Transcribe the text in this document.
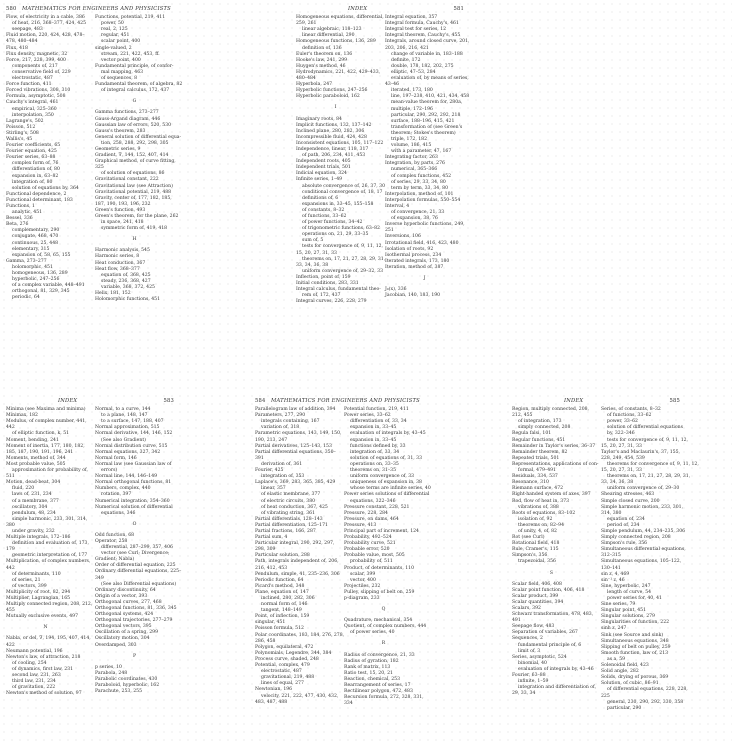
580 MATHEMATICS FOR ENGINEERS AND PHYSICISTS
Flow, of electricity in a cable, 386
of heat, 216, 368–377, 424, 425
seepage, 483
Fluid motion, 220, 424, 428, 478–
478, 480–484
Flux, 418
Flux density, magnetic, 32
Force, 217, 228, 399, 400
components of, 217
conservative field of, 229
electrostatic, 487
Force function, 411
Forced vibrations, 308, 310
Formula, asymptotic, 508
Cauchy's integral, 461
empirical, 325–360
interpolation, 350
Lagrange's, 502
Poisson, 512
Stirling's, 508
Wallis's, 45
Fourier coefficients, 65
Fourier equation, 425
Fourier series, 63–88
complex form of, 76
differentiation of, 80
expansion in, 63–82
integration of, 80
solution of equations by, 364
Functional dependence, 2
Functional determinant, 183
Functions, 1
analytic, 451
Bessel, 336
Beta, 276
complementary, 290
conjugate, 468, 470
continuous, 25, 448
elementary, 315
expansion of, 58, 65, 155
Gamma, 273–277
holomorphic, 451
homogeneous, 136, 289
hyperbolic, 247–256
of a complex variable, 448–491
orthogonal, 81, 329, 345
periodic, 64
Functions, potential, 219, 411
power, 50
real, 2, 125
regular, 451
scalar point, 400
single-valued, 2
stream, 221, 422, 453, ff.
vector point, 400
Fundamental principle, of confor-
mal mapping, 463
of sequences, 8
Fundamental theorem, of algebra, 82
of integral calculus, 172, 437
G
Gamma functions, 273–277
Gauss-Argand diagram, 446
Gaussian law of errors, 520, 530
Gauss's theorem, 283
General solution of differential equa-
tion, 258, 288, 292, 298, 305
Geometric series, 9
Gradient, ∇, 144, 152, 407, 414
Graphical method, of curve fitting,
325
of solution of equations, 86
Gravitational constant, 222
Gravitational law (see Attraction)
Gravitational potential, 219, 488
Gravity, center of, 177, 182, 185,
187, 190, 193, 196, 232
Green's function, 493
Green's theorem, for the plane, 262
in space, 241, 418
symmetric form of, 419, 418
H
Harmonic analysis, 545
Harmonic series, 8
Heat conduction, 367
Heat flow, 368–377
equation of, 368, 425
steady, 236, 368, 427
variable, 368, 372, 425
Helix, 181, 152
Holomorphic functions, 451
581
INDEX
Homogeneous equations, differential,
259, 261
linear algebraic, 118–123
linear differential, 290
Homogeneous functions, 136, 289
definition of, 136
Euler's theorem on, 136
Hooke's law, 241, 299
Huygen's method, 46
Hydrodynamics, 221, 422, 429–433,
480–484
Hyperbola, 247
Hyperbolic functions, 247–256
Hyperbolic paraboloid, 162
I
Imaginary roots, 84
Implicit functions, 132, 137–142
Inclined plane, 280, 282, 306
Incompressible fluid, 424, 428
Inconsistent equations, 105, 117–122
Independence, linear, 118, 317
of path, 206, 234, 411, 453
Independent roots, 405
Independent trials, 501
Indicial equation, 324
Infinite series, 1–49
absolute convergence of, 26, 37, 30
conditional convergence of, 18, 17
definitions of, 6
expansions in, 33–45, 155–158
of constants, 8–32
of functions, 33–62
of power functions, 34–42
of trigonometric functions, 63–82
operations on, 21, 29, 33–35
sum of, 5
tests for convergence of, 9, 11, 12,
15, 20, 27, 31, 33
theorems on, 17, 21, 27, 28, 29, 31,
33, 34, 36, 38
uniform convergence of, 29–32, 33
Inflection, point of, 159
Initial conditions, 283, 331
Integral calculus, fundamental theo-
rem of, 172, 437
Integral curves, 226, 228, 279
Integral equation, 357
Integral formula, Cauchy's, 461
Integral test for series, 12
Integral theorem, Cauchy's, 455
Integrals, around closed curve, 201,
203, 206, 216, 421
change of variable in, 183–188
definite, 172
double, 178, 182, 202, 275
elliptic, 47–53, 284
evaluation of, by means of series,
43–46
iterated, 173, 180
line, 197–238, 410, 421, 434, 458
mean-value theorem for, 280a,
multiple, 172–196
particular, 290, 292, 292, 218
surface, 188–196, 415, 421
transformation of (see Green's
theorem; Stokes's theorem)
triple, 172, 182
volume, 186, 415
with a parameter, 47, 167
Integrating factor, 263
Integration, by parts, 276
numerical, 365–366
of complex functions, 452
of series, 29, 33, 34, 80
term by term, 33, 34, 80
Interpolation, method of, 101
Interpolation formulas, 550–554
Interval, 4
of convergence, 21, 33
of expansion, 38, 76
Inverse hyperbolic functions, 249,
251
Inversions, 106
Irrotational field, 416, 423, 480
Isolation of roots, 92
Isothermal process, 234
Iterated integrals, 173, 180
Iteration, method of, 387
J
J₀(x), 336
Jacobian, 140, 183, 190
583
INDEX
Minima (see Maxima and minima)
Minimax, 182
Modulus, of complex number, 441,
442
of elliptic function, k, 51
Moment, bending, 241
Moment of inertia, 177, 180, 182,
185, 187, 190, 191, 196, 241
Moments, method of, 344
Most probable value, 505
approximation for probability of,
511
Motion, dead-beat, 304
fluid, 220
laws of, 231, 234
of a membrane, 377
oscillatory, 304
pendulum, 48, 234
simple harmonic, 233, 301, 314,
380
under gravity, 232
Multiple integrals, 172–186
definition and evaluation of, 173,
179
geometric interpretation of, 177
Multiplication, of complex numbers,
442
of determinants, 110
of series, 21
of vectors, 399
Multiplicity of root, 82, 294
Multiplier, Lagrangian, 165
Multiply connected region, 208, 212,
455
Mutually exclusive events, 497
N
Nabla, or del, ∇, 194, 195, 407, 414,
422
Neumann potential, 196
Newton's law, of attraction, 218
of cooling, 254
of dynamics, first law, 231
second law, 231, 263
third law, 231, 234
of gravitation, 222
Newton's method of solution, 97
Normal, to a curve, 144
to a plane, 148, 147
to a surface, 147, 188, 407
Normal approximation, 515
Normal derivative, 144, 146, 152
(See also Gradient)
Normal distribution curve, 515
Normal equations, 327, 342
Normal form, 146
Normal law (see Gaussian law of
errors)
Normal line, 144, 146–149
Normal orthogonal functions, 81
Numbers, complex, 440
rotation, 397
Numerical integration, 354–360
Numerical solution of differential
equations, 346
O
Odd function, 68
Operator, 258
differential, 287–299, 357, 406
vector (see Curl; Divergence;
Gradient; Nabla)
Order of differential equation, 225
Ordinary differential equations, 225–
349
(See also Differential equations)
Ordinary discontinuity, 64
Origin of a vector, 393
Orthogonal curves, 277, 468
Orthogonal functions, 81, 336, 345
Orthogonal systems, 424
Orthogonal trajectories, 277–279
Orthogonal vectors, 395
Oscillation of a spring, 299
Oscillatory motion, 304
Overdamped, 303
P
p series, 10
Parabola, 248
Parabolic coordinates, 430
Paraboloid, hyperbolic, 162
Parachute, 253, 255
584 MATHEMATICS FOR ENGINEERS AND PHYSICISTS
Parallelogram law of addition, 394
Parameters, 277, 290
integrals containing, 167
variation of, 318
Parametric equations, 143, 149, 150,
190, 213, 247
Partial derivatives, 125–143, 153
Partial differential equations, 350–
391
derivation of, 361
Fourier, 425
integration of, 353
Laplace's, 369, 283, 365, 385, 429
linear, 357
of elastic membrane, 377
of electric circuits, 380
of heat conduction, 367, 425
of vibrating string, 361
Partial differentials, 128–143
Partial differentiation, 125–171
Partial fractions, 166, 287
Partial sum, 4
Particular integral, 290, 292, 297,
298, 309
Particular solution, 288
Path, integrals independent of, 206,
216, 412, 453
Pendulum, simple, 41, 235–236, 306
Periodic function, 64
Picard's method, 348
Plane, equation of, 147
inclined, 280, 282, 306
normal form of, 146
tangent, 148–149
Point, of inflection, 159
singular, 451
Poisson formula, 512
Polar coordinates, 183, 184, 276, 278,
286, 458
Polygon, equilateral, 472
Polynomials, Legendre, 344, 384
Process curve, shaded, 248
Potential, complex, 479
electrostatic, 487
gravitational, 219, 488
lines of equal, 277
Newtonian, 196
velocity, 221, 222, 477, 430, 432,
483, 487, 488
Potential function, 219, 411
Power series, 33–62
differentiation of, 33, 34
expansion in, 33–45
evaluation of integrals by, 43–45
expansion in, 33–45
functions defined by, 33
integration of, 33, 34
solution of equations of, 31, 33
operations on, 33–35
theorems on, 31–35
uniform convergence of, 33
uniqueness of expansion in, 38
whose terms are infinite series, 40
Power series solutions of differential
equations, 322–346
Pressure constant, 228, 521
Pressure, 228, 284
Pressure, on dams, 464
Pressure, 413
Principal part of increment, 124
Probability, 492–524
Probability curve, 521
Probable error, 520
Probable value, most, 505
probability of, 511
Product, of determinants, 110
scalar, 399
vector, 400
Projectiles, 232
Pulley, slipping of belt on, 259
p-diagram, 233
Q
Quadrature, mechanical, 354
Quotient, of complex numbers, 444
of power series, 40
R
Radius of convergence, 21, 33
Radius of gyration, 182
Rank of matrix, 113
Ratio test, 15, 20, 21
Reaction, chemical, 253
Rearrangement of series, 17
Rectilinear polygon, 472, 483
Recursion formula, 272, 328, 331,
334
585
INDEX
Region, multiply connected, 208,
212, 455
of integration, 173
simply connected, 208
Regula falsi, 101
Regular functions, 451
Remainder in Taylor's series, 36–37
Remainder theorem, 82
Repeated trials, 501
Representations, applications of con-
formal, 479–491
Residuals, 334, 537
Resonance, 310
Riemann surface, 472
Right-handed system of axes, 397
Rod, flow of heat in, 373
vibrations of, 388
Roots of equations, 83–102
isolation of, 92
theorems on, 82–94
of unity, 4, of, 82
Rot (see Curl)
Rotational field, 418
Rule, Cramer's, 115
Simpson's, 356
trapezoidal, 356
S
Scalar field, 406, 408
Scalar point function, 406, 418
Scalar product, 399
Scalar quantities, 394
Scalars, 392
Schwarz transformation, 478, 483,
491
Seepage flow, 483
Separation of variables, 267
Sequences, 2
fundamental principle of, 6
limit of, 3
Series, asymptotic, 524
binomial, 40
evaluation of integrals by, 43–46
Fourier, 63–88
infinite, 1–59
integration and differentiation of,
29, 33, 34
Series, of constants, 8–32
of functions, 33–62
power, 33–62
solution of differential equations
by, 322–346
tests for convergence of, 9, 11, 12,
15, 20, 27, 31, 33
Taylor's and Maclaurin's, 37, 155,
228, 249, 454, 539
theorems for convergence of, 9, 11, 12,
15, 20, 27, 31, 33
theorems on, 17, 21, 27, 28, 29, 31,
33, 34, 36, 38
uniform convergence of, 29–30
Shearing stresses, 463
Simple closed curve, 200
Simple harmonic motion, 233, 301,
314, 380
equation of, 234
period of, 234
Simple pendulum, 44, 234–235, 306
Simply connected region, 208
Simpson's rule, 356
Simultaneous differential equations,
312–315
Simultaneous equations, 105–122,
130–141
sin z, 4, 469
sin⁻¹ z, 46
Sine, hyperbolic, 247
length of curve, 54
power series for, 40, 41
Sine series, 79
Singular point, 451
Singular solutions, 279
Singularities of function, 222
sinh z, 247
Sink (see Source and sink)
Simultaneous equations, 348
Slipping of belt on pulley, 259
Smooth function, law of, 213
as a, 59
Solenoidal field, 423
Solid angle, 282
Solids, drying of porous, 369
Solution, of cubic, 86–91
of differential equations, 228, 228,
225
general, 230, 290, 292, 330, 358
particular, 290
